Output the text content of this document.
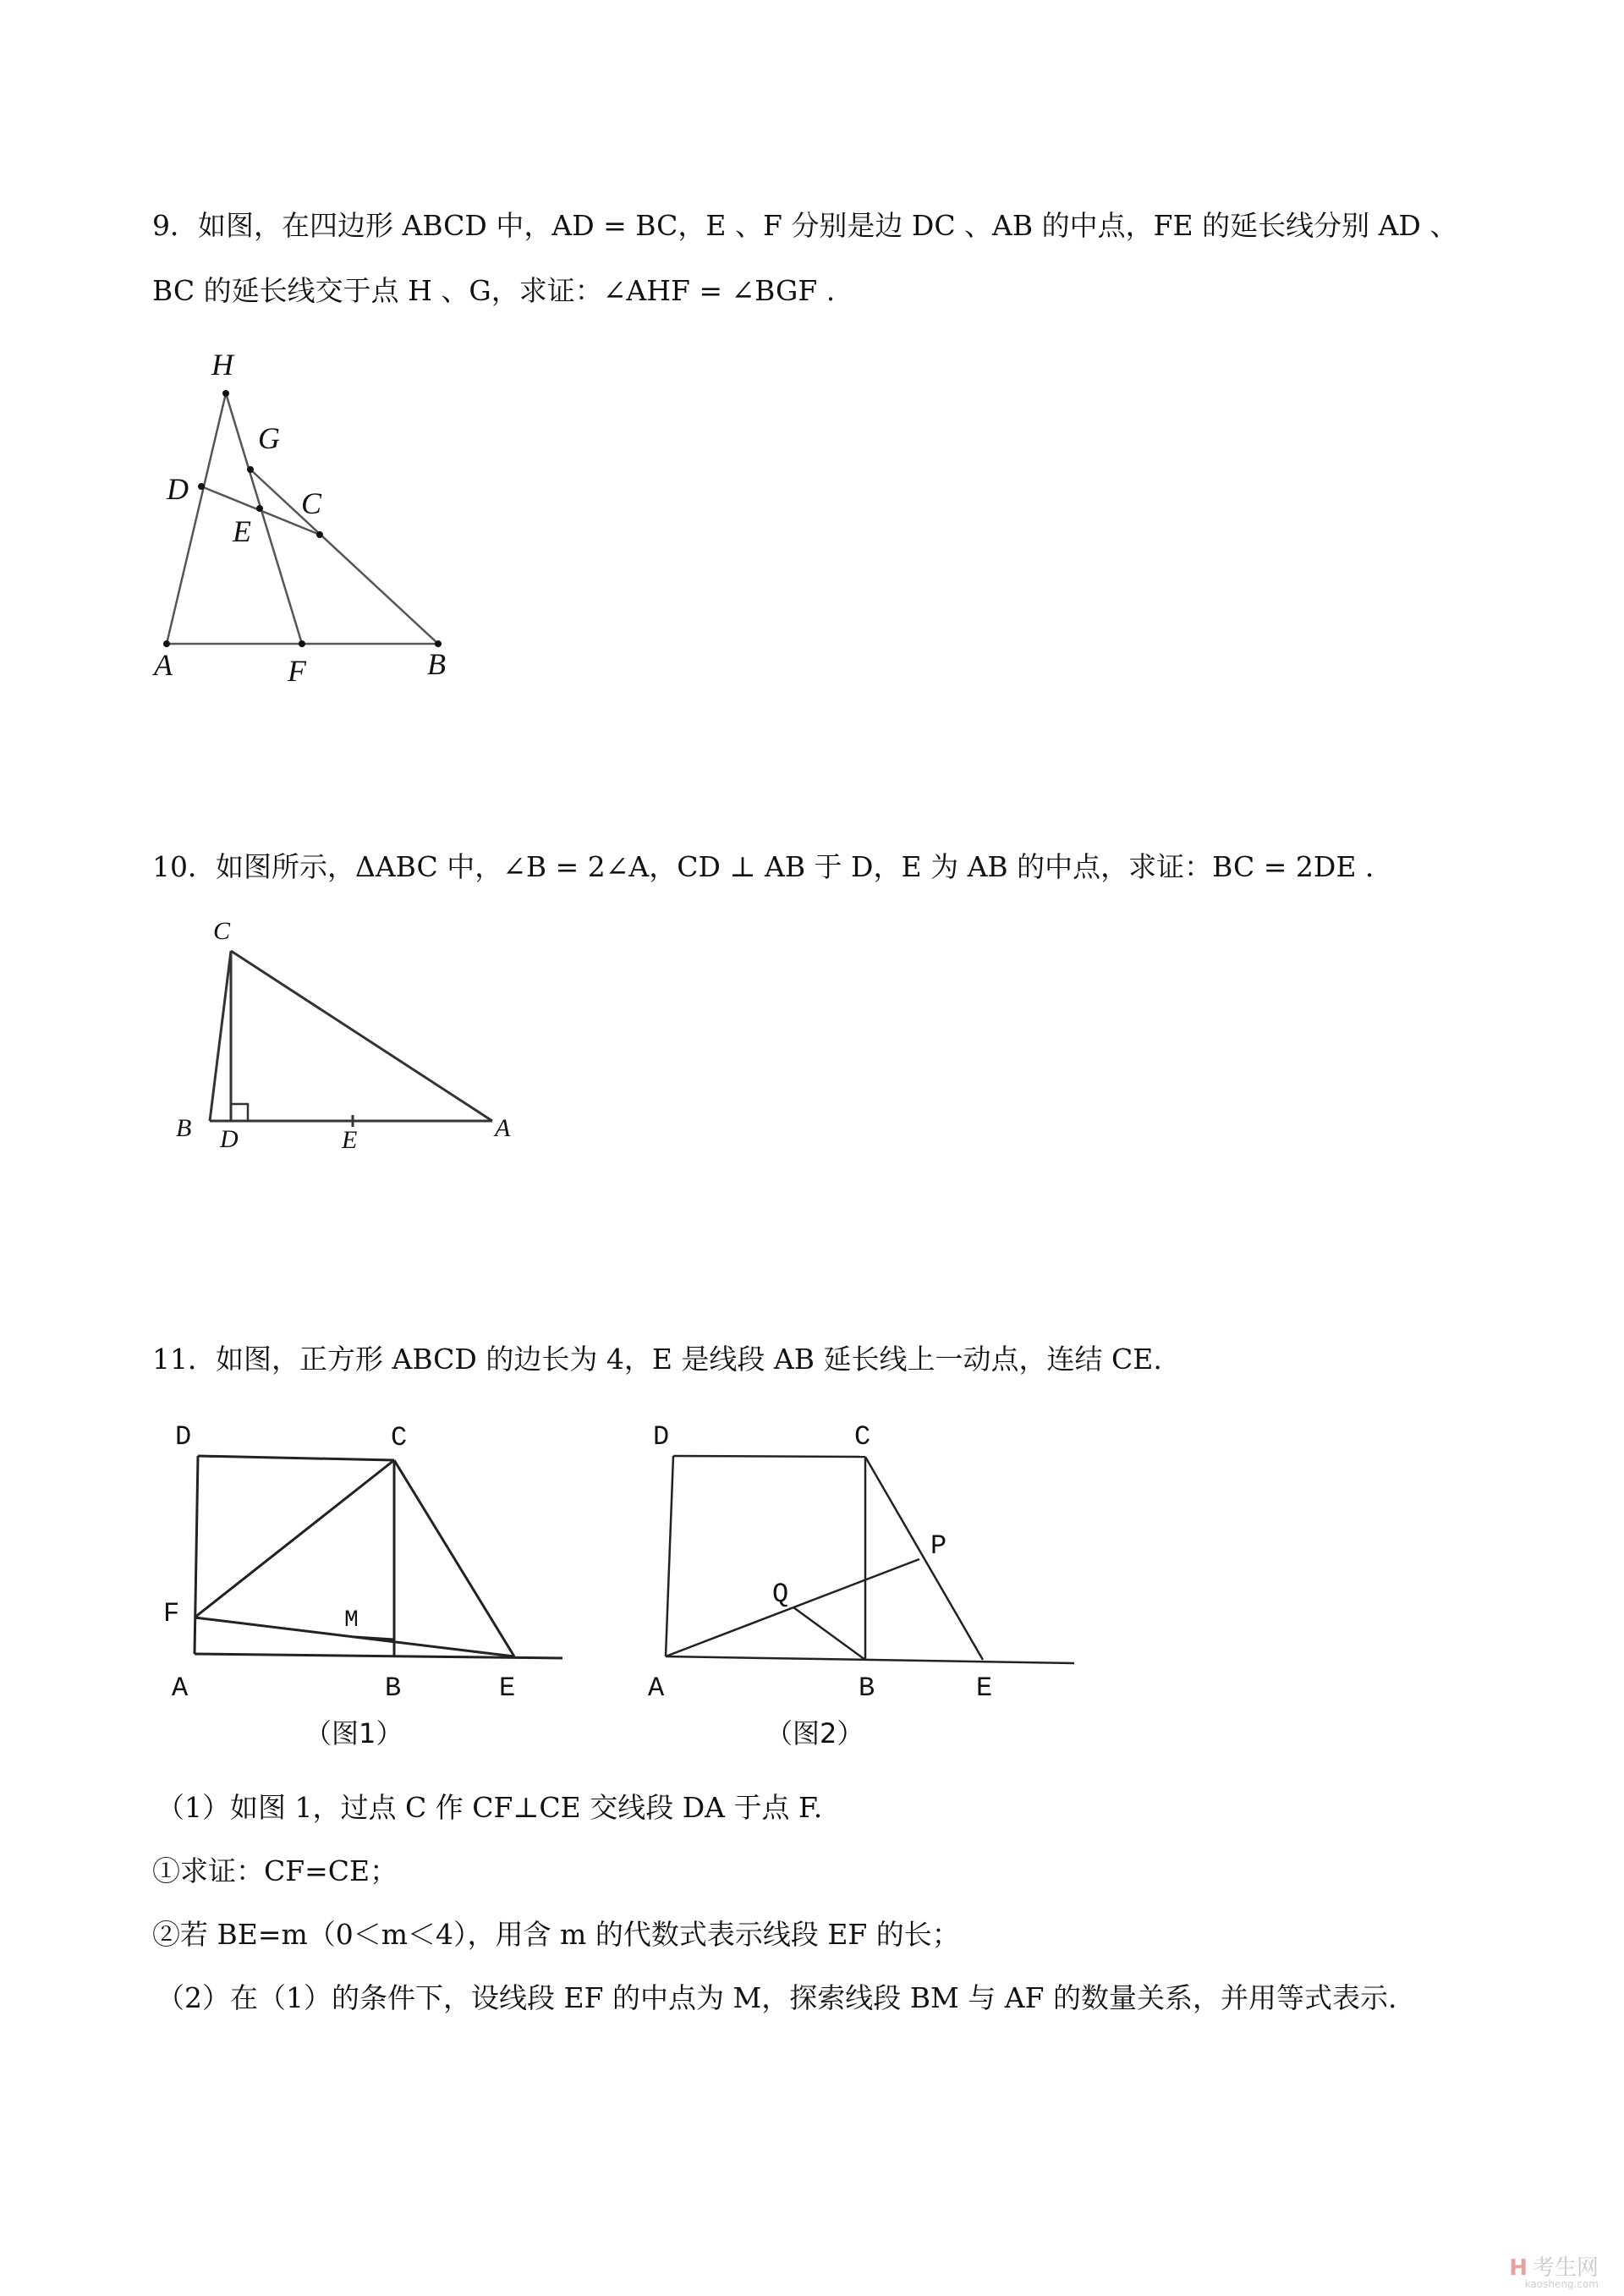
9．如图，在四边形 ABCD 中，AD = BC，E 、F 分别是边 DC 、AB 的中点，FE 的延长线分别 AD 、
BC 的延长线交于点 H 、G，求证：∠AHF = ∠BGF .
H
G
D	C
E
A	F	B
10．如图所示，ΔABC 中，∠B = 2∠A，CD ⊥ AB 于 D，E 为 AB 的中点，求证：BC = 2DE .
C
B D	E	A
11．如图，正方形 ABCD 的边长为 4，E 是线段 AB 延长线上一动点，连结 CE.
D	C
F	M
A	B	E
（图1）
D	C
P
Q
A	B	E
（图2）
（1）如图 1，过点 C 作 CF⊥CE 交线段 DA 于点 F.
①求证：CF=CE；
②若 BE=m（0＜m＜4），用含 m 的代数式表示线段 EF 的长；
（2）在（1）的条件下，设线段 EF 的中点为 M，探索线段 BM 与 AF 的数量关系，并用等式表示.
H 考生网
kaosheng.com
